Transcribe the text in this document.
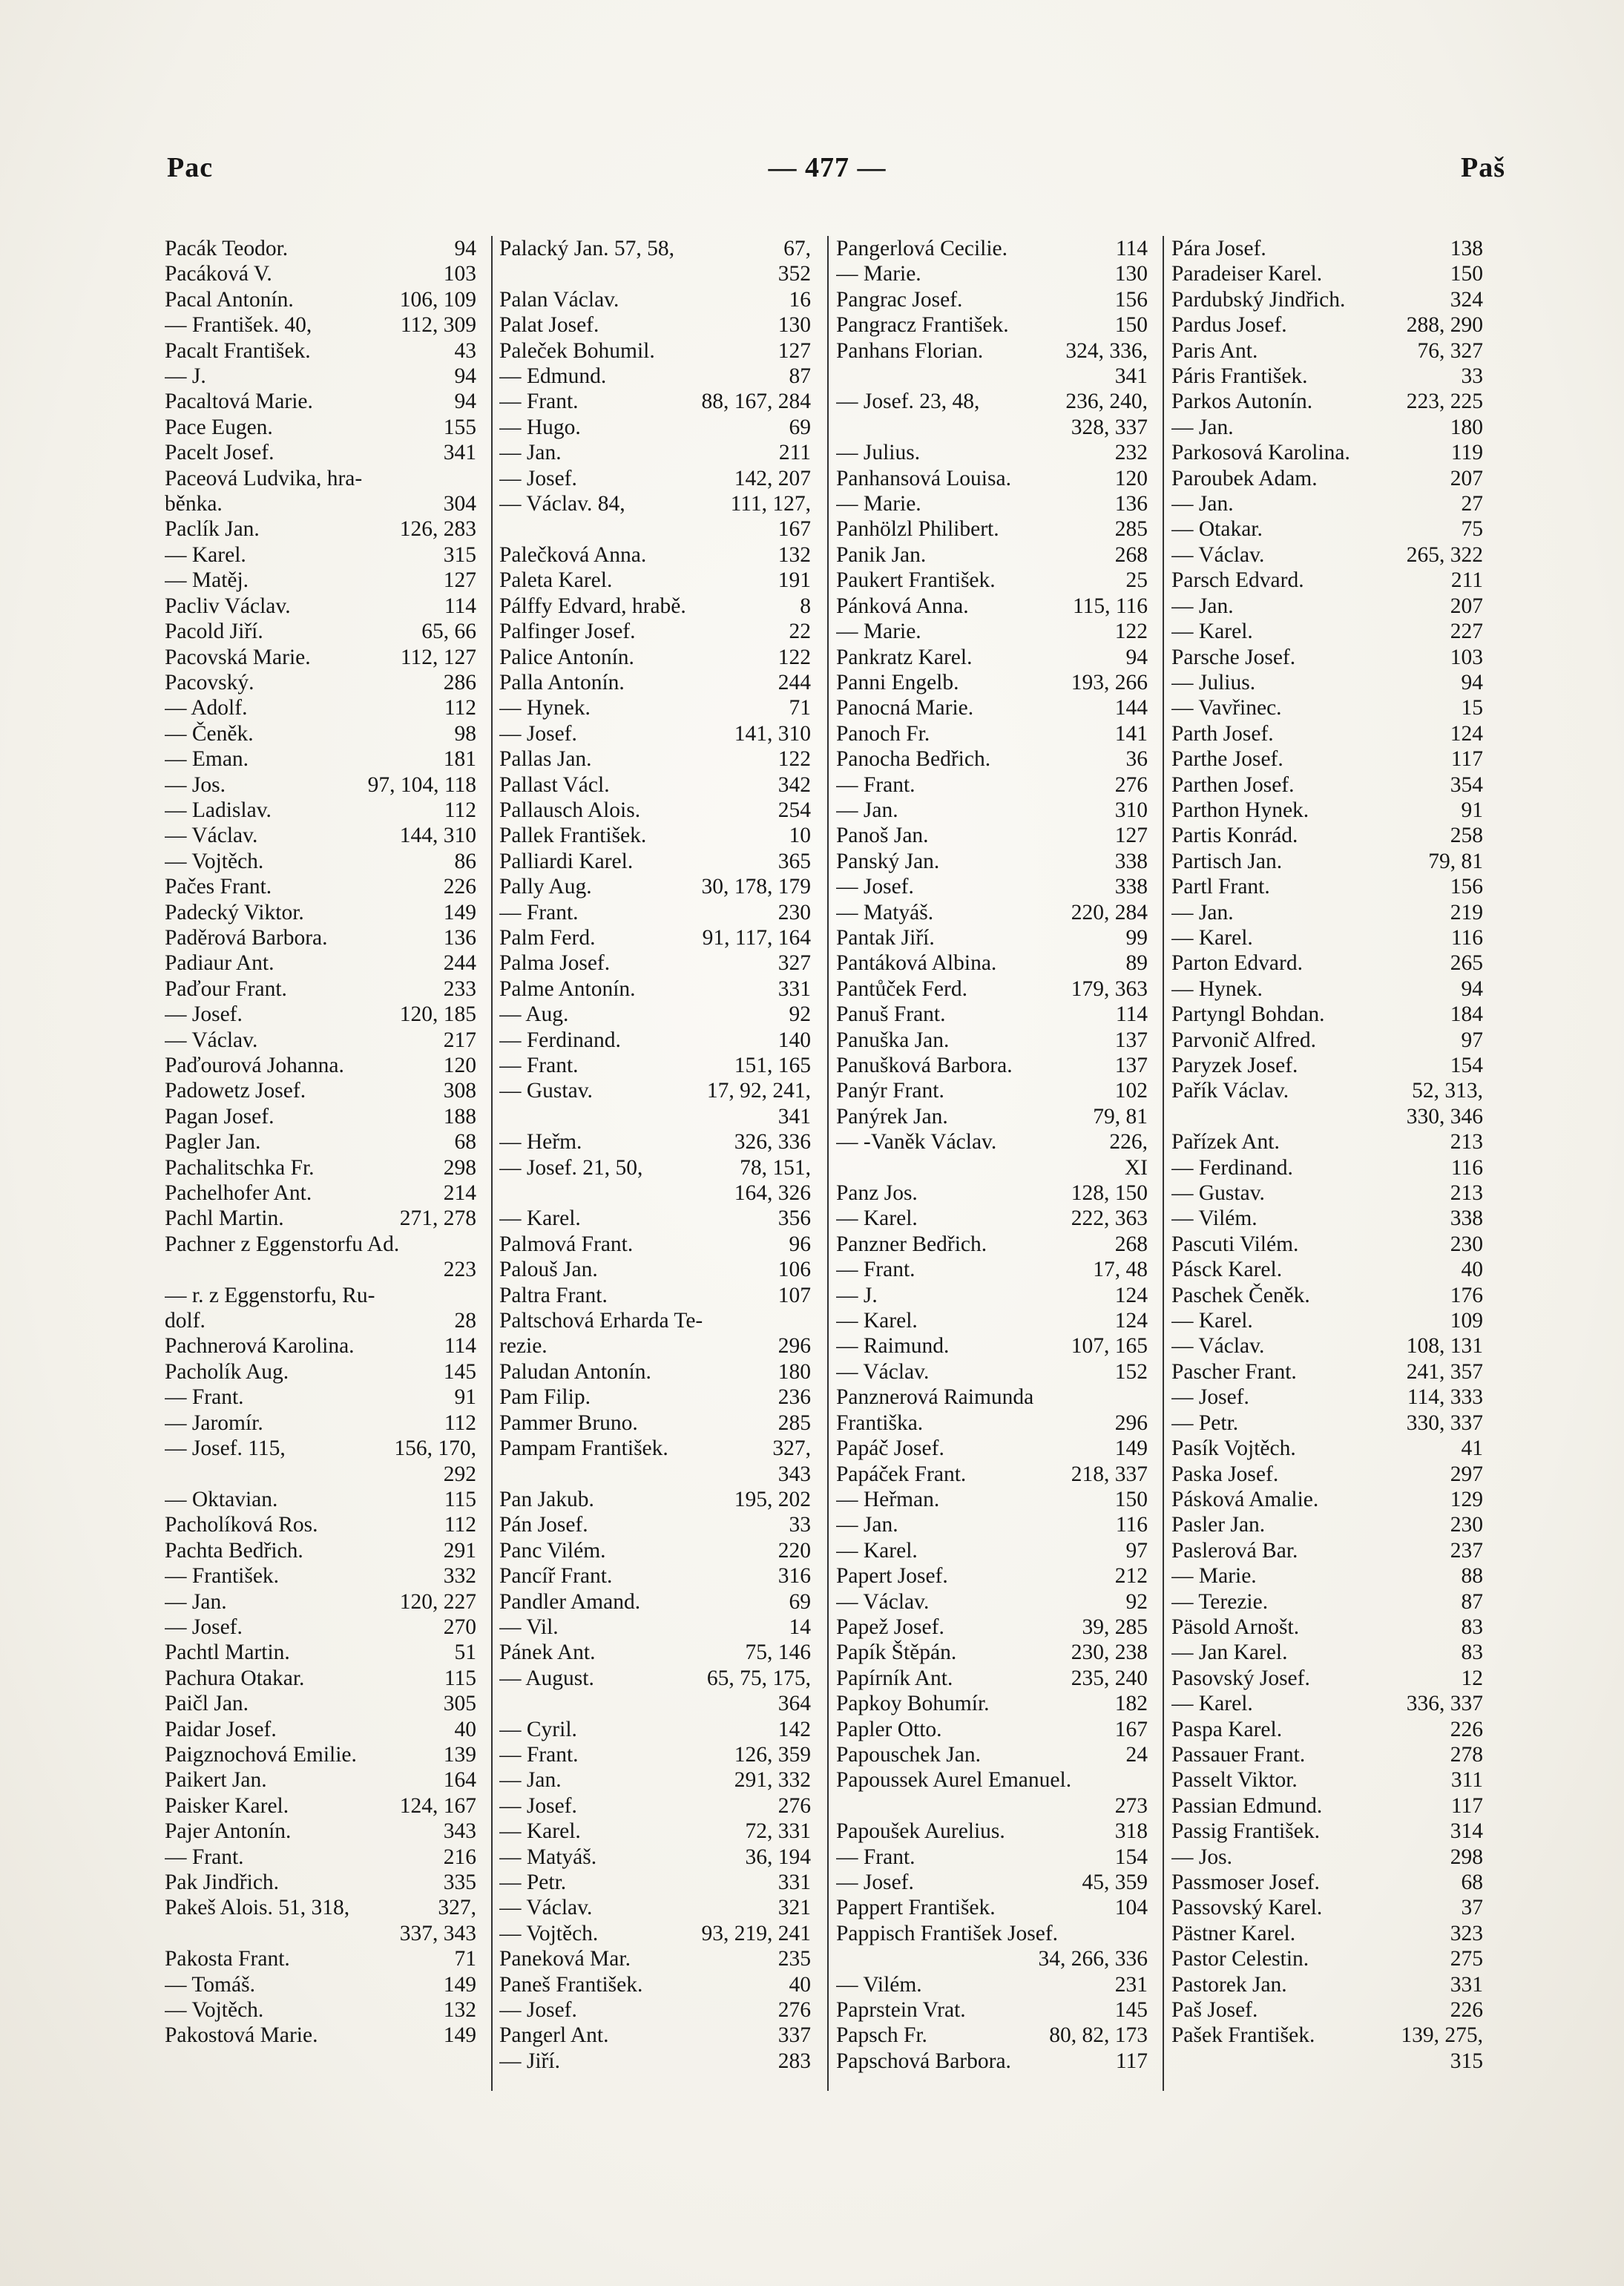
Pac	— 477 —	Paš
Pacák Teodor.	94
Pacáková V.	103
Pacal Antonín.	106, 109
— František. 40,	112, 309
Pacalt František.	43
— J.	94
Pacaltová Marie.	94
Pace Eugen.	155
Pacelt Josef.	341
Paceová Ludvika, hra-
běnka.	304
Paclík Jan.	126, 283
— Karel.	315
— Matěj.	127
Pacliv Václav.	114
Pacold Jiří.	65, 66
Pacovská Marie.	112, 127
Pacovský.	286
— Adolf.	112
— Čeněk.	98
— Eman.	181
— Jos.	97, 104, 118
— Ladislav.	112
— Václav.	144, 310
— Vojtěch.	86
Pačes Frant.	226
Padecký Viktor.	149
Paděrová Barbora.	136
Padiaur Ant.	244
Paďour Frant.	233
— Josef.	120, 185
— Václav.	217
Paďourová Johanna.	120
Padowetz Josef.	308
Pagan Josef.	188
Pagler Jan.	68
Pachalitschka Fr.	298
Pachelhofer Ant.	214
Pachl Martin.	271, 278
Pachner z Eggenstorfu Ad.
223
— r. z Eggenstorfu, Ru-
dolf.	28
Pachnerová Karolina.	114
Pacholík Aug.	145
— Frant.	91
— Jaromír.	112
— Josef. 115,	156, 170,
292
— Oktavian.	115
Pacholíková Ros.	112
Pachta Bedřich.	291
— František.	332
— Jan.	120, 227
— Josef.	270
Pachtl Martin.	51
Pachura Otakar.	115
Paičl Jan.	305
Paidar Josef.	40
Paigznochová Emilie.	139
Paikert Jan.	164
Paisker Karel.	124, 167
Pajer Antonín.	343
— Frant.	216
Pak Jindřich.	335
Pakeš Alois. 51, 318,	327,
337, 343
Pakosta Frant.	71
— Tomáš.	149
— Vojtěch.	132
Pakostová Marie.	149
Palacký Jan. 57, 58,	67,
352
Palan Václav.	16
Palat Josef.	130
Paleček Bohumil.	127
— Edmund.	87
— Frant.	88, 167, 284
— Hugo.	69
— Jan.	211
— Josef.	142, 207
— Václav. 84,	111, 127,
167
Palečková Anna.	132
Paleta Karel.	191
Pálffy Edvard, hrabě.	8
Palfinger Josef.	22
Palice Antonín.	122
Palla Antonín.	244
— Hynek.	71
— Josef.	141, 310
Pallas Jan.	122
Pallast Václ.	342
Pallausch Alois.	254
Pallek František.	10
Palliardi Karel.	365
Pally Aug.	30, 178, 179
— Frant.	230
Palm Ferd.	91, 117, 164
Palma Josef.	327
Palme Antonín.	331
— Aug.	92
— Ferdinand.	140
— Frant.	151, 165
— Gustav.	17, 92, 241,
341
— Heřm.	326, 336
— Josef. 21, 50,	78, 151,
164, 326
— Karel.	356
Palmová Frant.	96
Palouš Jan.	106
Paltra Frant.	107
Paltschová Erharda Te-
rezie.	296
Paludan Antonín.	180
Pam Filip.	236
Pammer Bruno.	285
Pampam František.	327,
343
Pan Jakub.	195, 202
Pán Josef.	33
Panc Vilém.	220
Pancíř Frant.	316
Pandler Amand.	69
— Vil.	14
Pánek Ant.	75, 146
— August.	65, 75, 175,
364
— Cyril.	142
— Frant.	126, 359
— Jan.	291, 332
— Josef.	276
— Karel.	72, 331
— Matyáš.	36, 194
— Petr.	331
— Václav.	321
— Vojtěch.	93, 219, 241
Paneková Mar.	235
Paneš František.	40
— Josef.	276
Pangerl Ant.	337
— Jiří.	283
Pangerlová Cecilie.	114
— Marie.	130
Pangrac Josef.	156
Pangracz František.	150
Panhans Florian.	324, 336,
341
— Josef. 23, 48,	236, 240,
328, 337
— Julius.	232
Panhansová Louisa.	120
— Marie.	136
Panhölzl Philibert.	285
Panik Jan.	268
Paukert František.	25
Pánková Anna.	115, 116
— Marie.	122
Pankratz Karel.	94
Panni Engelb.	193, 266
Panocná Marie.	144
Panoch Fr.	141
Panocha Bedřich.	36
— Frant.	276
— Jan.	310
Panoš Jan.	127
Panský Jan.	338
— Josef.	338
— Matyáš.	220, 284
Pantak Jiří.	99
Pantáková Albina.	89
Pantůček Ferd.	179, 363
Panuš Frant.	114
Panuška Jan.	137
Panušková Barbora.	137
Panýr Frant.	102
Panýrek Jan.	79, 81
— -Vaněk Václav.	226,
XI
Panz Jos.	128, 150
— Karel.	222, 363
Panzner Bedřich.	268
— Frant.	17, 48
— J.	124
— Karel.	124
— Raimund.	107, 165
— Václav.	152
Panznerová Raimunda
Františka.	296
Papáč Josef.	149
Papáček Frant.	218, 337
— Heřman.	150
— Jan.	116
— Karel.	97
Papert Josef.	212
— Václav.	92
Papež Josef.	39, 285
Papík Štěpán.	230, 238
Papírník Ant.	235, 240
Papkoy Bohumír.	182
Papler Otto.	167
Papouschek Jan.	24
Papoussek Aurel Emanuel.
273
Papoušek Aurelius.	318
— Frant.	154
— Josef.	45, 359
Pappert František.	104
Pappisch František Josef.
34, 266, 336
— Vilém.	231
Paprstein Vrat.	145
Papsch Fr.	80, 82, 173
Papschová Barbora.	117
Pára Josef.	138
Paradeiser Karel.	150
Pardubský Jindřich.	324
Pardus Josef.	288, 290
Paris Ant.	76, 327
Páris František.	33
Parkos Autonín.	223, 225
— Jan.	180
Parkosová Karolina.	119
Paroubek Adam.	207
— Jan.	27
— Otakar.	75
— Václav.	265, 322
Parsch Edvard.	211
— Jan.	207
— Karel.	227
Parsche Josef.	103
— Julius.	94
— Vavřinec.	15
Parth Josef.	124
Parthe Josef.	117
Parthen Josef.	354
Parthon Hynek.	91
Partis Konrád.	258
Partisch Jan.	79, 81
Partl Frant.	156
— Jan.	219
— Karel.	116
Parton Edvard.	265
— Hynek.	94
Partyngl Bohdan.	184
Parvonič Alfred.	97
Paryzek Josef.	154
Pařík Václav.	52, 313,
330, 346
Pařízek Ant.	213
— Ferdinand.	116
— Gustav.	213
— Vilém.	338
Pascuti Vilém.	230
Pásck Karel.	40
Paschek Čeněk.	176
— Karel.	109
— Václav.	108, 131
Pascher Frant.	241, 357
— Josef.	114, 333
— Petr.	330, 337
Pasík Vojtěch.	41
Paska Josef.	297
Pásková Amalie.	129
Pasler Jan.	230
Paslerová Bar.	237
— Marie.	88
— Terezie.	87
Päsold Arnošt.	83
— Jan Karel.	83
Pasovský Josef.	12
— Karel.	336, 337
Paspa Karel.	226
Passauer Frant.	278
Passelt Viktor.	311
Passian Edmund.	117
Passig František.	314
— Jos.	298
Passmoser Josef.	68
Passovský Karel.	37
Pästner Karel.	323
Pastor Celestin.	275
Pastorek Jan.	331
Paš Josef.	226
Pašek František.	139, 275,
315
